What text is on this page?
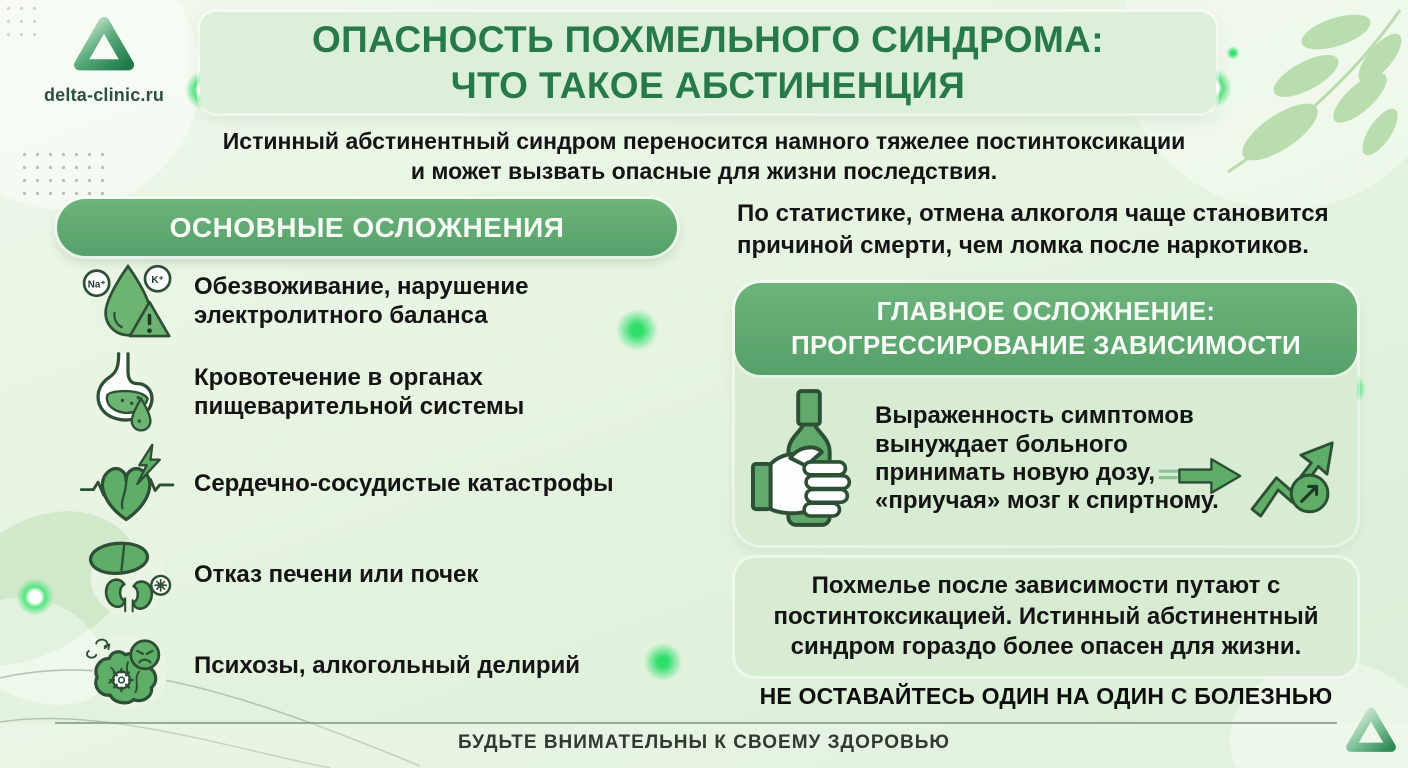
delta-clinic.ru
ОПАСНОСТЬ ПОХМЕЛЬНОГО СИНДРОМА:
ЧТО ТАКОЕ АБСТИНЕНЦИЯ
Истинный абстинентный синдром переносится намного тяжелее постинтоксикации
и может вызвать опасные для жизни последствия.
ОСНОВНЫЕ ОСЛОЖНЕНИЯ
Na⁺	K⁺ Обезвоживание, нарушение электролитного баланса
Кровотечение в органах пищеварительной системы
Сердечно-сосудистые катастрофы
Отказ печени или почек
Психозы, алкогольный делирий
По статистике, отмена алкоголя чаще становится причиной смерти, чем ломка после наркотиков.
ГЛАВНОЕ ОСЛОЖНЕНИЕ:
ПРОГРЕССИРОВАНИЕ ЗАВИСИМОСТИ
Выраженность симптомов вынуждает больного принимать новую дозу, «приучая» мозг к спиртному.
Похмелье после зависимости путают с постинтоксикацией. Истинный абстинентный синдром гораздо более опасен для жизни.
НЕ ОСТАВАЙТЕСЬ ОДИН НА ОДИН С БОЛЕЗНЬЮ
БУДЬТЕ ВНИМАТЕЛЬНЫ К СВОЕМУ ЗДОРОВЬЮ
